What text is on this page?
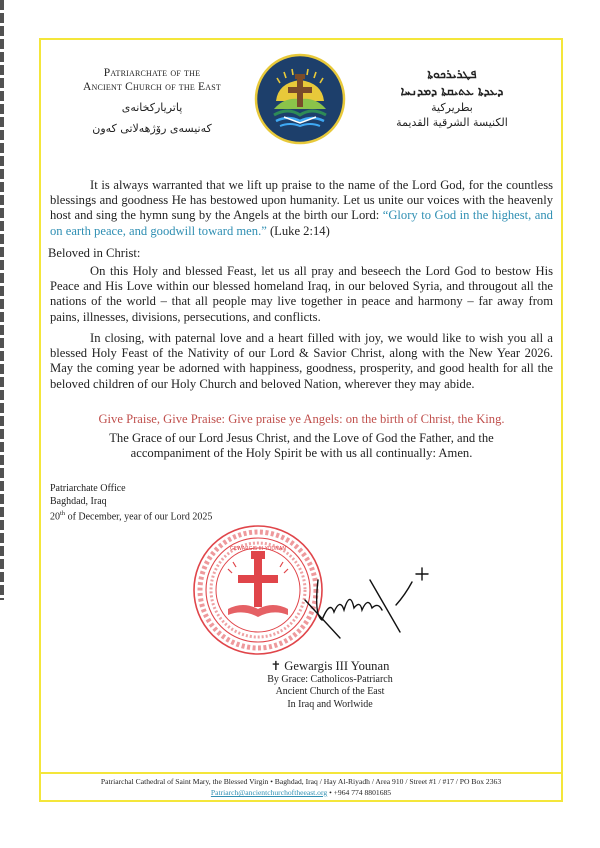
Patriarchate of the
Ancient Church of the East
پاتریارکخانەی
کەنیسەی رۆژهەلاتی کەون
ܦܛܪܝܪܟܘܬܐ
ܕܥܕܬܐ ܥܬܝܩܬܐ ܕܡܕܢܚܐ
بطريركية
الكنيسة الشرقية القديمة
It is always warranted that we lift up praise to the name of the Lord God, for the countless blessings and goodness He has bestowed upon humanity. Let us unite our voices with the heavenly host and sing the hymn sung by the Angels at the birth our Lord: “Glory to God in the highest, and on earth peace, and goodwill toward men.” (Luke 2:14)
Beloved in Christ:
On this Holy and blessed Feast, let us all pray and beseech the Lord God to bestow His Peace and His Love within our blessed homeland Iraq, in our beloved Syria, and througout all the nations of the world – that all people may live together in peace and harmony – far away from pains, illnesses, divisions, persecutions, and conflicts.
In closing, with paternal love and a heart filled with joy, we would like to wish you all a blessed Holy Feast of the Nativity of our Lord & Savior Christ, along with the New Year 2026. May the coming year be adorned with happiness, goodness, prosperity, and good health for all the beloved children of our Holy Church and beloved Nation, wherever they may abide.
Give Praise, Give Praise: Give praise ye Angels: on the birth of Christ, the King.
The Grace of our Lord Jesus Christ, and the Love of God the Father, and the
accompaniment of the Holy Spirit be with us all continually: Amen.
Patriarchate Office
Baghdad, Iraq
20th of December, year of our Lord 2025
GEWARGIS III YOUNAN
✝ Gewargis III Younan
By Grace: Catholicos-Patriarch
Ancient Church of the East
In Iraq and Worlwide
Patriarchal Cathedral of Saint Mary, the Blessed Virgin • Baghdad, Iraq / Hay Al-Riyadh / Area 910 / Street #1 / #17 / PO Box 2363
Patriarch@ancientchurchoftheeast.org • +964 774 8801685
